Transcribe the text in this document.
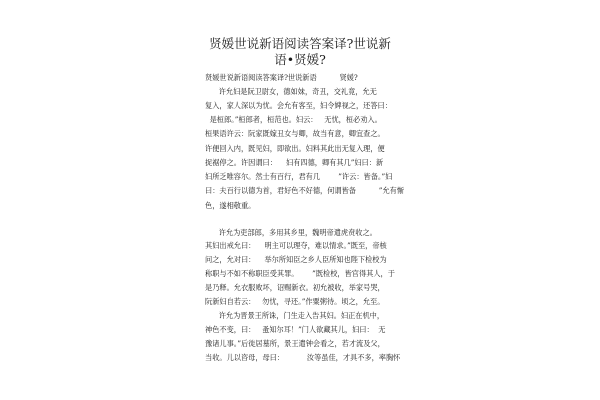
贤媛世说新语阅读答案译?世说新
语•贤媛?

贤媛世说新语阅读答案译?世说新语          贤媛?

许允妇是阮卫尉女，德如妹，奇丑，交礼竟，允无

复入，家人深以为忧。会允有客至，妇令婢视之，还答曰：

是桓郎。”桓郎者，桓范也。妇云：   无忧，桓必劝入。

桓果语许云：阮家既嫁丑女与卿，故当有意，卿宜查之。

许便回入内，既见妇，即欲出。妇料其此出无复入理，便

捉裾停之。许因谓曰：    妇有四德，卿有其几”妇曰：新

妇所乏唯容尔。然士有百行，君有几        ”许云：皆备。”妇

曰：夫百行以德为首，君好色不好德，何谓皆备          ”允有惭

色，遂相敬重。

许允为吏部郎，多用其乡里，魏明帝遣虎贲收之。

其妇出戒允曰：    明主可以理夺，难以情求。”既至，帝核

问之，允对曰：    举尔所知臣之乡人臣所知也陛下检校为

称职与不如不称职臣受其罪。      ”既检校，皆官得其人，于

是乃释。允衣服败坏，诏赐新衣。初允被收，举家号哭，

阮新妇自若云：   勿忧，寻还。”作粟粥待。顷之，允至。

许允为晋景王所诛，门生走入告其妇。妇正在机中，

神色不变，曰：   蚤知尔耳！”门人欲藏其儿，妇曰：  无

豫诸儿事。”后徙居墓所，景王遣钟会看之，若才流及父，

当收。儿以咨母，母曰：          汝等虽佳，才具不多，率胸怀
